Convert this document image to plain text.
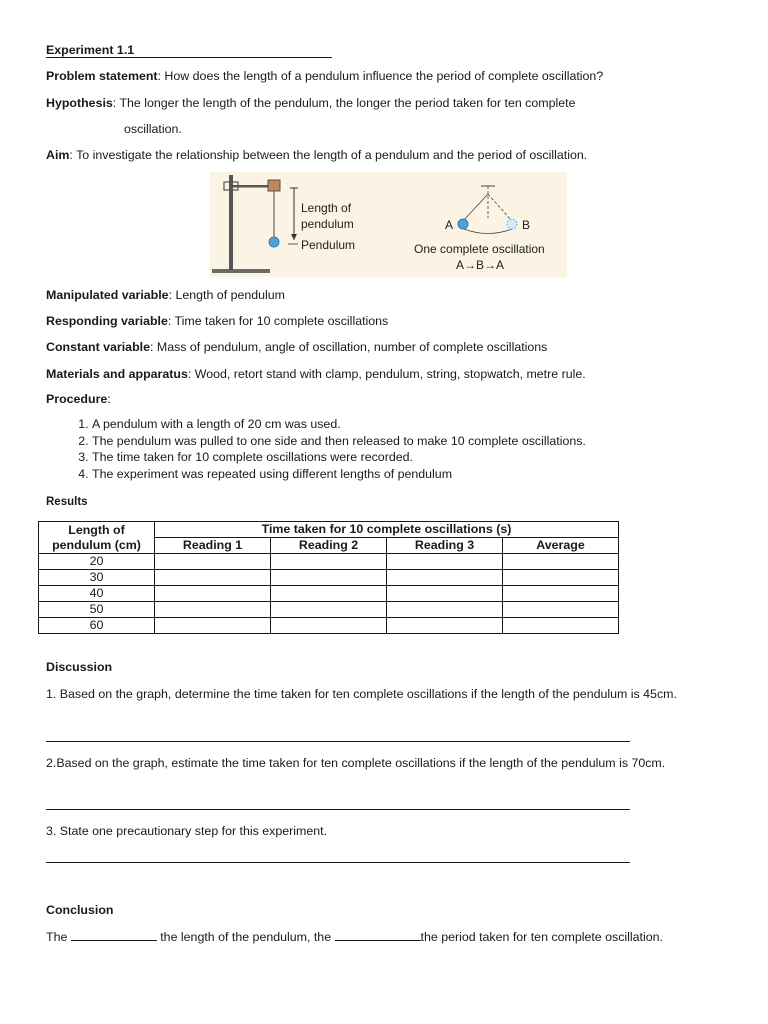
Experiment 1.1
Problem statement: How does the length of a pendulum influence the period of complete oscillation?
Hypothesis: The longer the length of the pendulum, the longer the period taken for ten complete
oscillation.
Aim: To investigate the relationship between the length of a pendulum and the period of oscillation.
Length of
pendulum
Pendulum
A	B
One complete oscillation
A→B→A
Manipulated variable: Length of pendulum
Responding variable: Time taken for 10 complete oscillations
Constant variable: Mass of pendulum, angle of oscillation, number of complete oscillations
Materials and apparatus: Wood, retort stand with clamp, pendulum, string, stopwatch, metre rule.
Procedure:
1. A pendulum with a length of 20 cm was used.
2. The pendulum was pulled to one side and then released to make 10 complete oscillations.
3. The time taken for 10 complete oscillations were recorded.
4. The experiment was repeated using different lengths of pendulum
Results
Length of
pendulum (cm)	Time taken for 10 complete oscillations (s)			
	Reading 1	Reading 2	Reading 3	Average
20				
30				
40				
50				
60				
Discussion
1. Based on the graph, determine the time taken for ten complete oscillations if the length of the pendulum is 45cm.
2.Based on the graph, estimate the time taken for ten complete oscillations if the length of the pendulum is 70cm.
3. State one precautionary step for this experiment.
Conclusion
The	the length of the pendulum, the	the period taken for ten complete oscillation.
